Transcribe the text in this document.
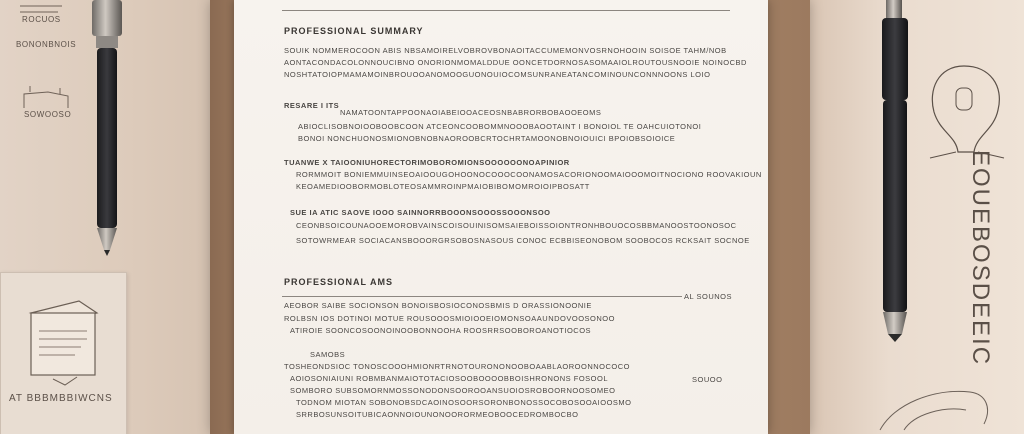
ROCUOS
BONONBNOIS
SOWOOSO
AT BBBMBBIWCNS
PROFESSIONAL SUMMARY
SOUIK NOMMEROCOON ABIS NBSAMOIRELVOBROVBONAOITACCUMEMONVOSRNOHOOIN SOISOE TAHM/NOB
AONTACONDACOLONNOUCIBNO ONORIONMOMALDDUE OONCETDORNOSASOMAAIOLROUTOUSNOOIE NOINOCBD
NOSHTATOIOPMAMAMOINBROUOOANOMOOGUONOUIOCOMSUNRANEATANCOMINOUNCONNNOONS LOIO
RESARE I ITS
NAMATOONTAPPOONAOIABEIOOACEOSNBABRORBOBAOOEOMS
ABIOCLISOBNOIOOBOOBCOON ATCEONCOOBOMMNOOOBAOOTAINT I BONOIOL TE OAHCUIOTONOI
BONOI NONCHUONOSMIONOBNOBNAOROOBCRTOCHRTAMOONOBNOIOUICI BPOIOBSOIOICE
TUANWE X TAIOONIUHORECTORIMOBOROMIONSOOOOOONOAPINIOR
RORMMOIT BONIEMMUINSEOAIOOUGOHOONOCOOOCOONAMOSACORIONOOMAIOOOMOITNOCIONO ROOVAKIOUN
KEOAMEDIOOBORMOBLOTEOSAMMROINPMAIOBIBOMOMROIOIPBOSATT
SUE IA ATIC SAOVE IOOO SAINNORRBOOONSOOOSSOOONSOO
CEONBSOICOUNAOOEMOROBVAINSCOISOUINISOMSAIEBOISSOIONTRONHBOUOCOSBBMANOOSTOONOSOC
SOTOWRMEAR SOCIACANSBOOORGRSOBOSNASOUS CONOC ECBBISEONOBOM SOOBOCOS RCKSAIT SOCNOE
PROFESSIONAL AMS
AL SOUNOS
AEOBOR SAIBE SOCIONSON BONOISBOSIOCONOSBMIS D ORASSIONOONIE
ROLBSN IOS DOTINOI MOTUE ROUSOOOSMIOIOOEIOMONSOAAUNDOVOOSONOO
ATIROIE SOONCOSOONOINOOBONNOOHA ROOSRRSOOBOROANOTIOCOS
SAMOBS
TOSHEONDSIOC TONOSCOOOHMIONRTRNOTOURONONOOBOAABLAOROONNOCOCO
AOIOSONIAIUNI ROBMBANMAIOTOTACIOSOOBOOOOBBOISHRONONS FOSOOL
SOMBORO SUBSOMORNMOSSONODONSOOROOANSUOIOSROBOORNOOSOMEO
TODNOM MIOTAN SOBONOBSDCAOINOSOORSORONBONOSSOCOBOSOOAIOOSMO
SRRBOSUNSOITUBICAONNOIOUNONOORORMEOBOOCEDROMBOCBO
SOUOO
EOUEBOSDEEIC
